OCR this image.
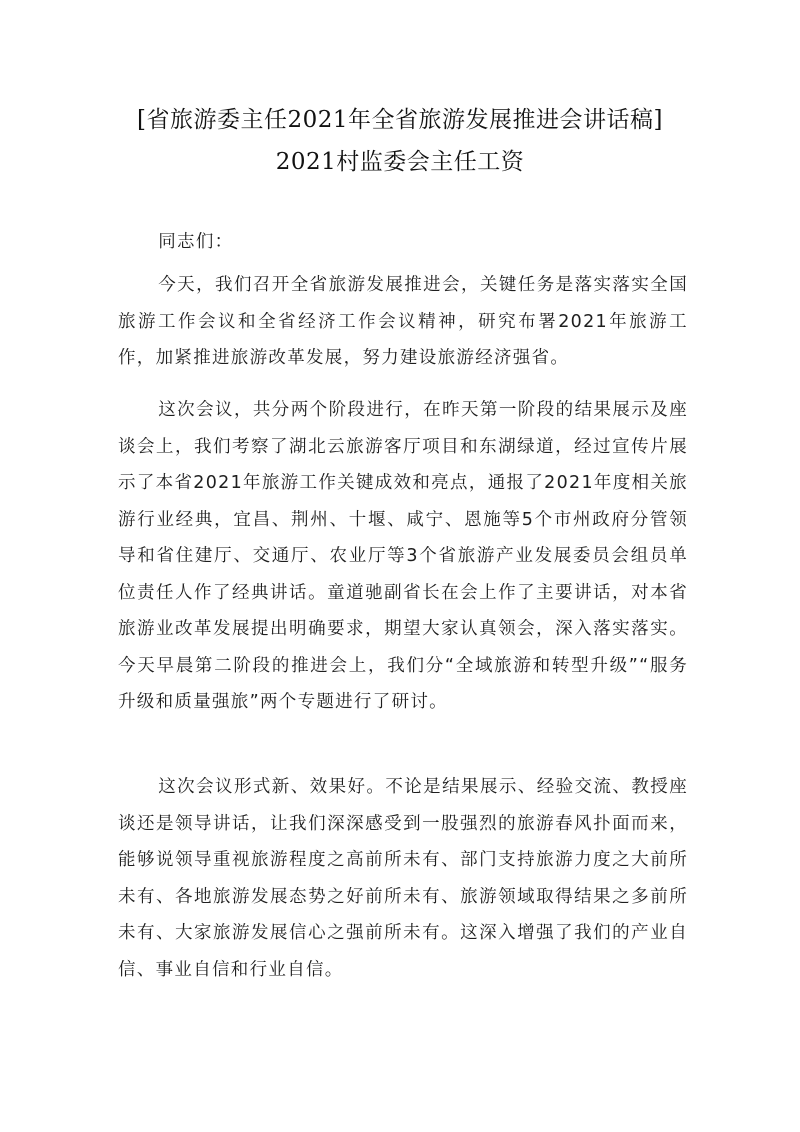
[省旅游委主任2021年全省旅游发展推进会讲话稿]
2021村监委会主任工资
同志们：
今天，我们召开全省旅游发展推进会，关键任务是落实落实全国旅游工作会议和全省经济工作会议精神，研究布署2021年旅游工作，加紧推进旅游改革发展，努力建设旅游经济强省。
这次会议，共分两个阶段进行，在昨天第一阶段的结果展示及座谈会上，我们考察了湖北云旅游客厅项目和东湖绿道，经过宣传片展示了本省2021年旅游工作关键成效和亮点，通报了2021年度相关旅游行业经典，宜昌、荆州、十堰、咸宁、恩施等5个市州政府分管领导和省住建厅、交通厅、农业厅等3个省旅游产业发展委员会组员单位责任人作了经典讲话。童道驰副省长在会上作了主要讲话，对本省旅游业改革发展提出明确要求，期望大家认真领会，深入落实落实。今天早晨第二阶段的推进会上，我们分“全域旅游和转型升级”“服务升级和质量强旅”两个专题进行了研讨。
这次会议形式新、效果好。不论是结果展示、经验交流、教授座谈还是领导讲话，让我们深深感受到一股强烈的旅游春风扑面而来，能够说领导重视旅游程度之高前所未有、部门支持旅游力度之大前所未有、各地旅游发展态势之好前所未有、旅游领域取得结果之多前所未有、大家旅游发展信心之强前所未有。这深入增强了我们的产业自信、事业自信和行业自信。
